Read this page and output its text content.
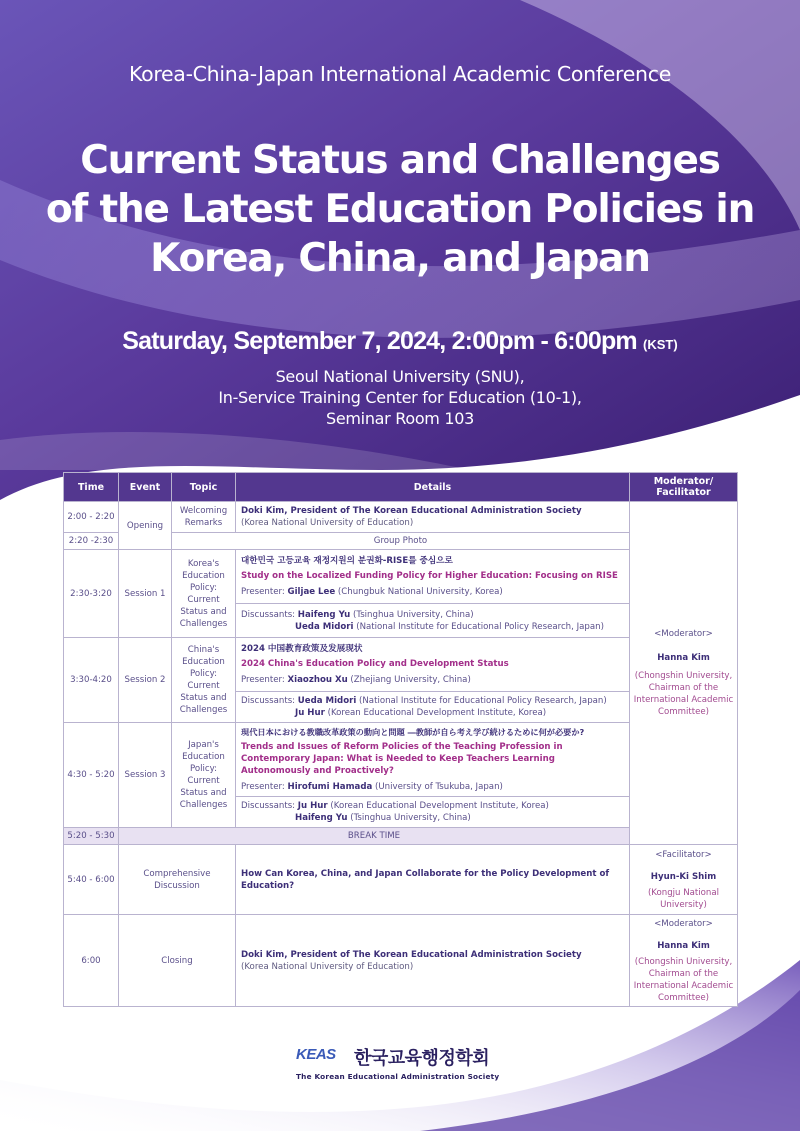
Korea-China-Japan International Academic Conference
Current Status and Challenges
of the Latest Education Policies in
Korea, China, and Japan
Saturday, September 7, 2024, 2:00pm - 6:00pm (KST)
Seoul National University (SNU),
In-Service Training Center for Education (10-1),
Seminar Room 103
Time	Event	Topic	Details	Moderator/
Facilitator

2:00 - 2:20	Opening	Welcoming Remarks	Doki Kim, President of The Korean Educational Administration Society
(Korea National University of Education)	<Moderator>
Hanna Kim
(Chongshin University, Chairman of the International Academic Committee)

2:20 -2:30		Group Photo		
2:30-3:20	Session 1	Korea's Education Policy: Current Status and Challenges	대한민국 고등교육 재정지원의 분권화-RISE를 중심으로
Study on the Localized Funding Policy for Higher Education: Focusing on RISE
Presenter: Giljae Lee (Chungbuk National University, Korea)	

			Discussants: Haifeng Yu (Tsinghua University, China)
Ueda Midori (National Institute for Educational Policy Research, Japan)	

3:30-4:20	Session 2	China's Education Policy: Current Status and Challenges	2024 中国教育政策及发展现状
2024 China's Education Policy and Development Status
Presenter: Xiaozhou Xu (Zhejiang University, China)	

			Discussants: Ueda Midori (National Institute for Educational Policy Research, Japan)
Ju Hur (Korean Educational Development Institute, Korea)	

4:30 - 5:20	Session 3	Japan's Education Policy: Current Status and Challenges	現代日本における教職改革政策の動向と問題 ―教師が自ら考え学び続けるために何が必要か?
Trends and Issues of Reform Policies of the Teaching Profession in Contemporary Japan: What is Needed to Keep Teachers Learning Autonomously and Proactively?
Presenter: Hirofumi Hamada (University of Tsukuba, Japan)	

			Discussants: Ju Hur (Korean Educational Development Institute, Korea)
Haifeng Yu (Tsinghua University, China)	

5:20 - 5:30	BREAK TIME			
5:40 - 6:00	Comprehensive Discussion		How Can Korea, China, and Japan Collaborate for the Policy Development of Education?	<Facilitator>
Hyun-Ki Shim
(Kongju National University)

6:00	Closing		Doki Kim, President of The Korean Educational Administration Society
(Korea National University of Education)	<Moderator>
Hanna Kim
(Chongshin University, Chairman of the International Academic Committee)
KEAS 한국교육행정학회
The Korean Educational Administration Society
